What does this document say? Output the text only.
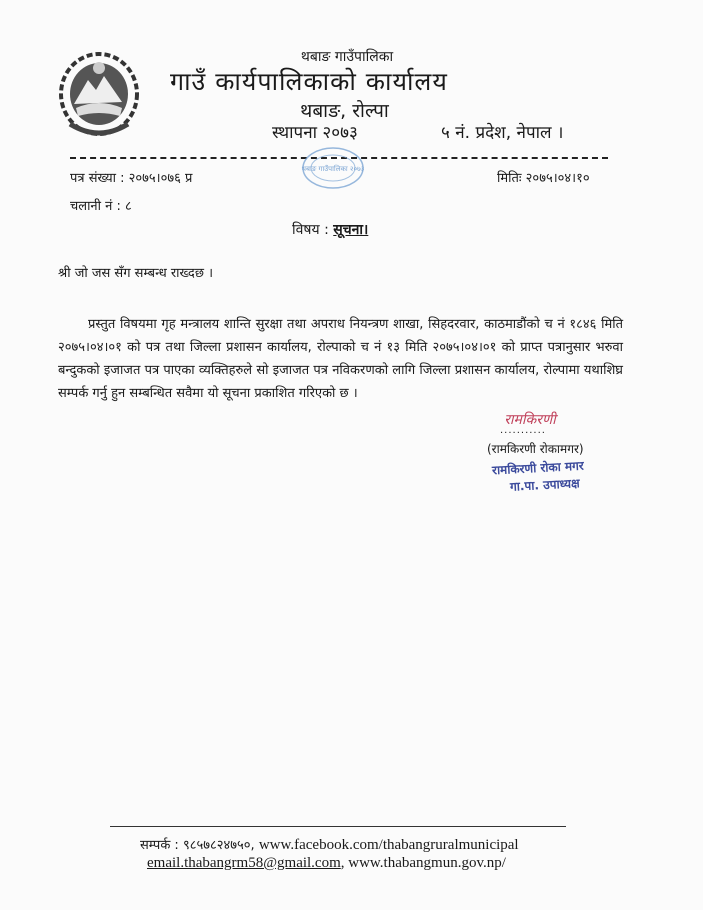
थबाङ गाउँपालिका
गाउँ कार्यपालिकाको कार्यालय
थबाङ, रोल्पा
स्थापना २०७३	५ नं. प्रदेश, नेपाल ।
थबाङ गाउँपालिका २०७३
पत्र संख्या : २०७५।०७६ प्र	मितिः २०७५।०४।१०
चलानी नं : ८
विषय : सूचना।
श्री जो जस सँग सम्बन्ध राख्दछ ।
प्रस्तुत विषयमा गृह मन्त्रालय शान्ति सुरक्षा तथा अपराध नियन्त्रण शाखा, सिहदरवार, काठमाडौंको च नं १८४६ मिति २०७५।०४।०१ को पत्र तथा जिल्ला प्रशासन कार्यालय, रोल्पाको च नं १३ मिति २०७५।०४।०१ को प्राप्त पत्रानुसार भरुवा बन्दुकको इजाजत पत्र पाएका व्यक्तिहरुले सो इजाजत पत्र नविकरणको लागि जिल्ला प्रशासन कार्यालय, रोल्पामा यथाशिघ्र सम्पर्क गर्नु हुन सम्बन्धित सवैमा यो सूचना प्रकाशित गरिएको छ ।
रामकिरणी
...........
(रामकिरणी रोकामगर)
रामकिरणी रोका मगर
गा.पा. उपाध्यक्ष
सम्पर्क : ९८५७८२४७५०, www.facebook.com/thabangruralmunicipal
email.thabangrm58@gmail.com, www.thabangmun.gov.np/
